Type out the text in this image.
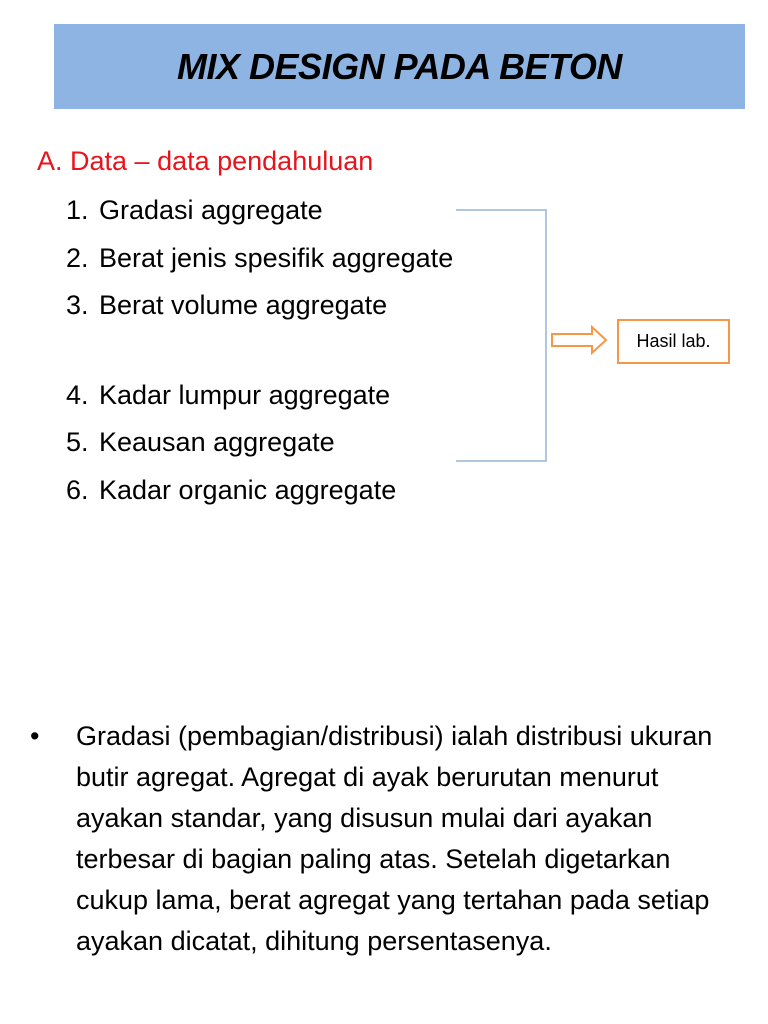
MIX DESIGN PADA BETON
A. Data – data pendahuluan
1. Gradasi aggregate
2. Berat jenis spesifik aggregate
3. Berat volume aggregate
4. Kadar lumpur aggregate
5. Keausan aggregate
6. Kadar organic aggregate
Hasil lab.
•	Gradasi (pembagian/distribusi) ialah distribusi ukuran butir agregat. Agregat di ayak berurutan menurut ayakan standar, yang disusun mulai dari ayakan terbesar di bagian paling atas. Setelah digetarkan cukup lama, berat agregat yang tertahan pada setiap ayakan dicatat, dihitung persentasenya.
